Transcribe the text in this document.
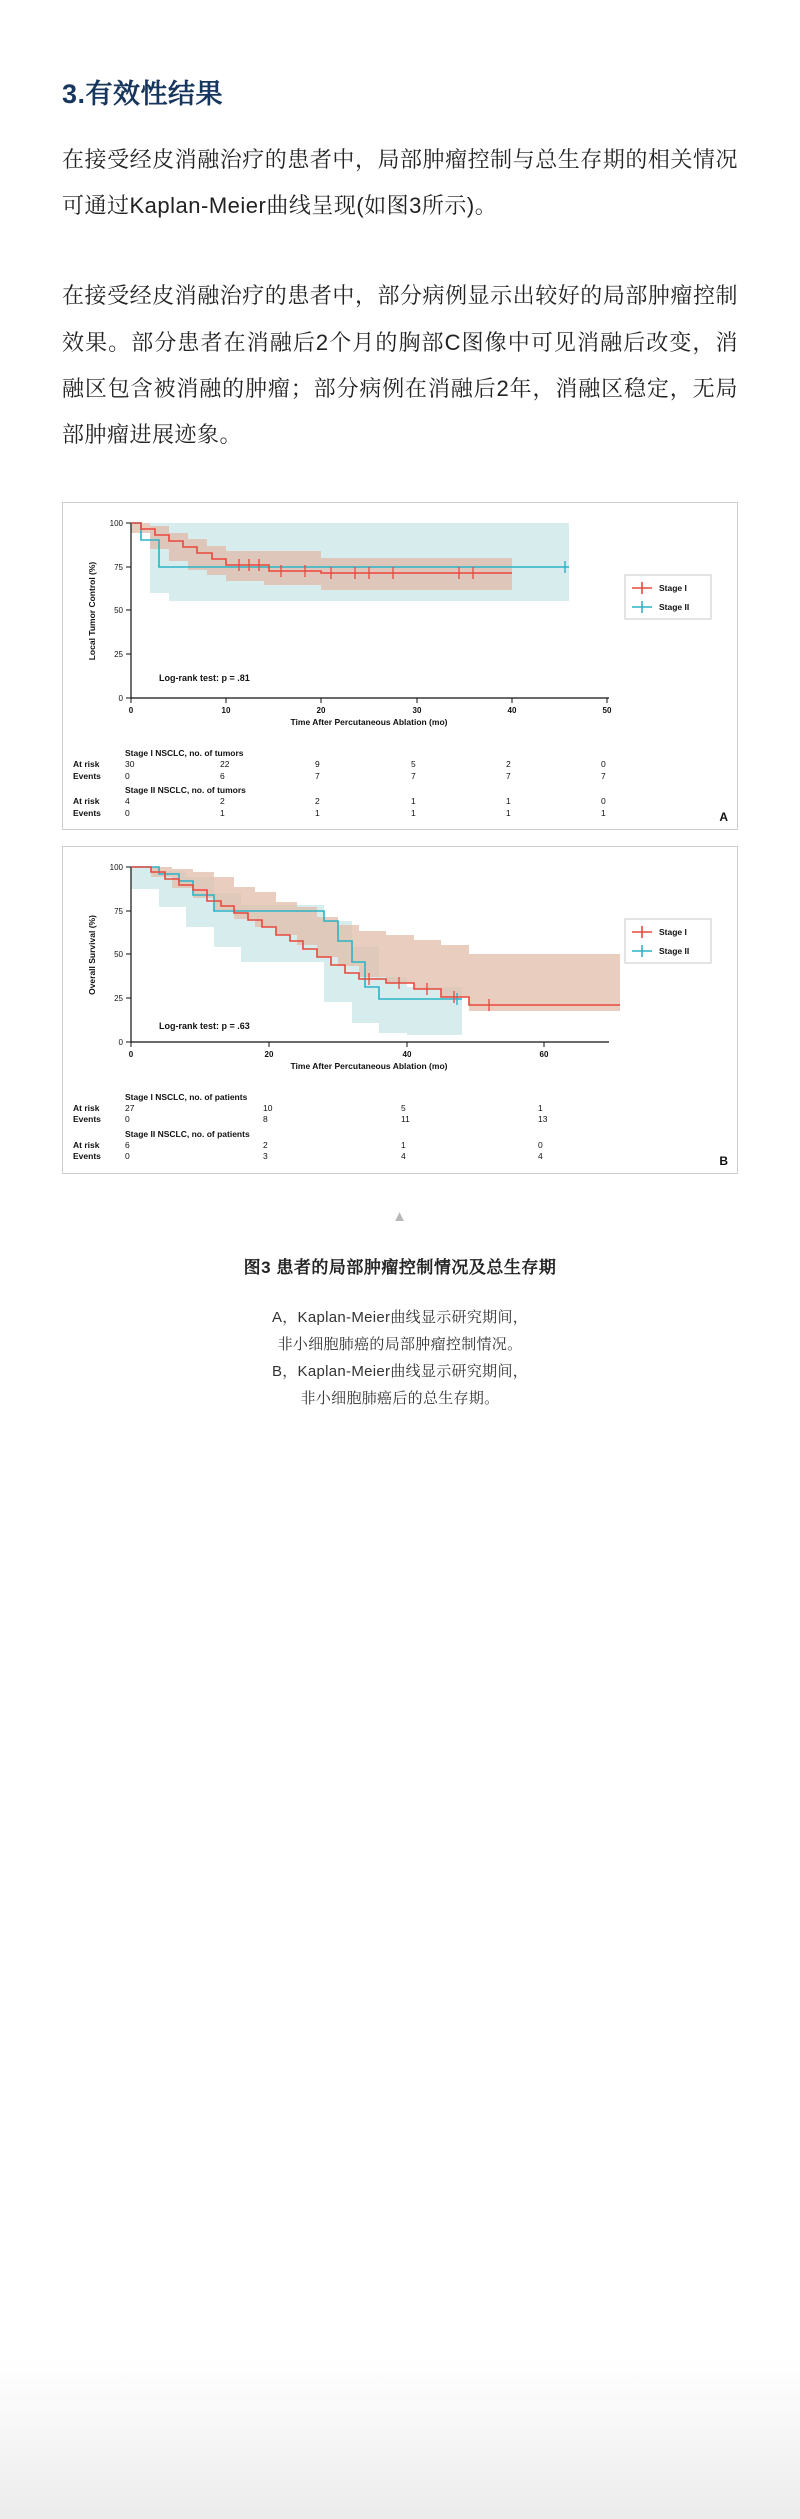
3.有效性结果

在接受经皮消融治疗的患者中，局部肿瘤控制与总生存期的相关情况可通过Kaplan-Meier曲线呈现(如图3所示)。

在接受经皮消融治疗的患者中，部分病例显示出较好的局部肿瘤控制效果。部分患者在消融后2个月的胸部C图像中可见消融后改变，消融区包含被消融的肿瘤；部分病例在消融后2年，消融区稳定，无局部肿瘤进展迹象。

100
75
50
25
0
Local Tumor Control (%)
0	10	20	30	40	50
Time After Percutaneous Ablation (mo)
Log-rank test: p = .81
Stage I
Stage II
Stage I NSCLC, no. of tumors
At risk	30	22	9	5	2	0
Events	0	6	7	7	7	7
Stage II NSCLC, no. of tumors
At risk	4	2	2	1	1	0
Events	0	1	1	1	1	1	A
100
75
50
25
0
Overall Survival (%)
0	20	40	60
Time After Percutaneous Ablation (mo)
Log-rank test: p = .63
Stage I
Stage II
Stage I NSCLC, no. of patients
At risk	27	10	5	1
Events	0	8	11	13
Stage II NSCLC, no. of patients
At risk	6	2	1	0
Events	0	3	4	4	B
▲
图3 患者的局部肿瘤控制情况及总生存期
A，Kaplan-Meier曲线显示研究期间，
非小细胞肺癌的局部肿瘤控制情况。
B，Kaplan-Meier曲线显示研究期间，
非小细胞肺癌后的总生存期。
